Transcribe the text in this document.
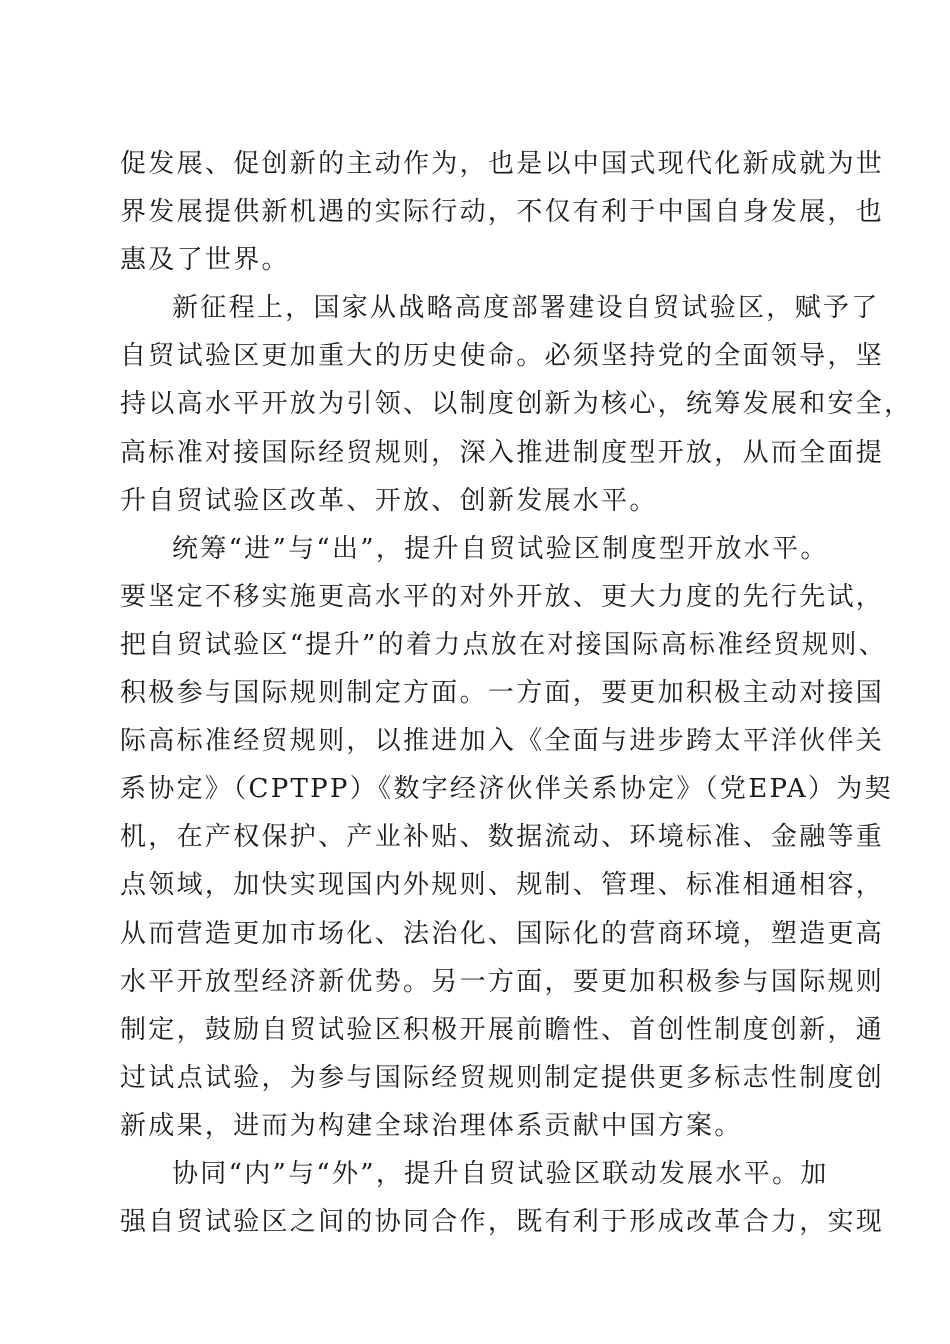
促发展、促创新的主动作为，也是以中国式现代化新成就为世
界发展提供新机遇的实际行动，不仅有利于中国自身发展，也
惠及了世界。
新征程上，国家从战略高度部署建设自贸试验区，赋予了
自贸试验区更加重大的历史使命。必须坚持党的全面领导，坚
持以高水平开放为引领、以制度创新为核心，统筹发展和安全，
高标准对接国际经贸规则，深入推进制度型开放，从而全面提
升自贸试验区改革、开放、创新发展水平。
统筹“进”与“出”，提升自贸试验区制度型开放水平。
要坚定不移实施更高水平的对外开放、更大力度的先行先试，
把自贸试验区“提升”的着力点放在对接国际高标准经贸规则、
积极参与国际规则制定方面。一方面，要更加积极主动对接国
际高标准经贸规则，以推进加入《全面与进步跨太平洋伙伴关
系协定》（CPTPP）《数字经济伙伴关系协定》（党EPA）为契
机，在产权保护、产业补贴、数据流动、环境标准、金融等重
点领域，加快实现国内外规则、规制、管理、标准相通相容，
从而营造更加市场化、法治化、国际化的营商环境，塑造更高
水平开放型经济新优势。另一方面，要更加积极参与国际规则
制定，鼓励自贸试验区积极开展前瞻性、首创性制度创新，通
过试点试验，为参与国际经贸规则制定提供更多标志性制度创
新成果，进而为构建全球治理体系贡献中国方案。
协同“内”与“外”，提升自贸试验区联动发展水平。加
强自贸试验区之间的协同合作，既有利于形成改革合力，实现
